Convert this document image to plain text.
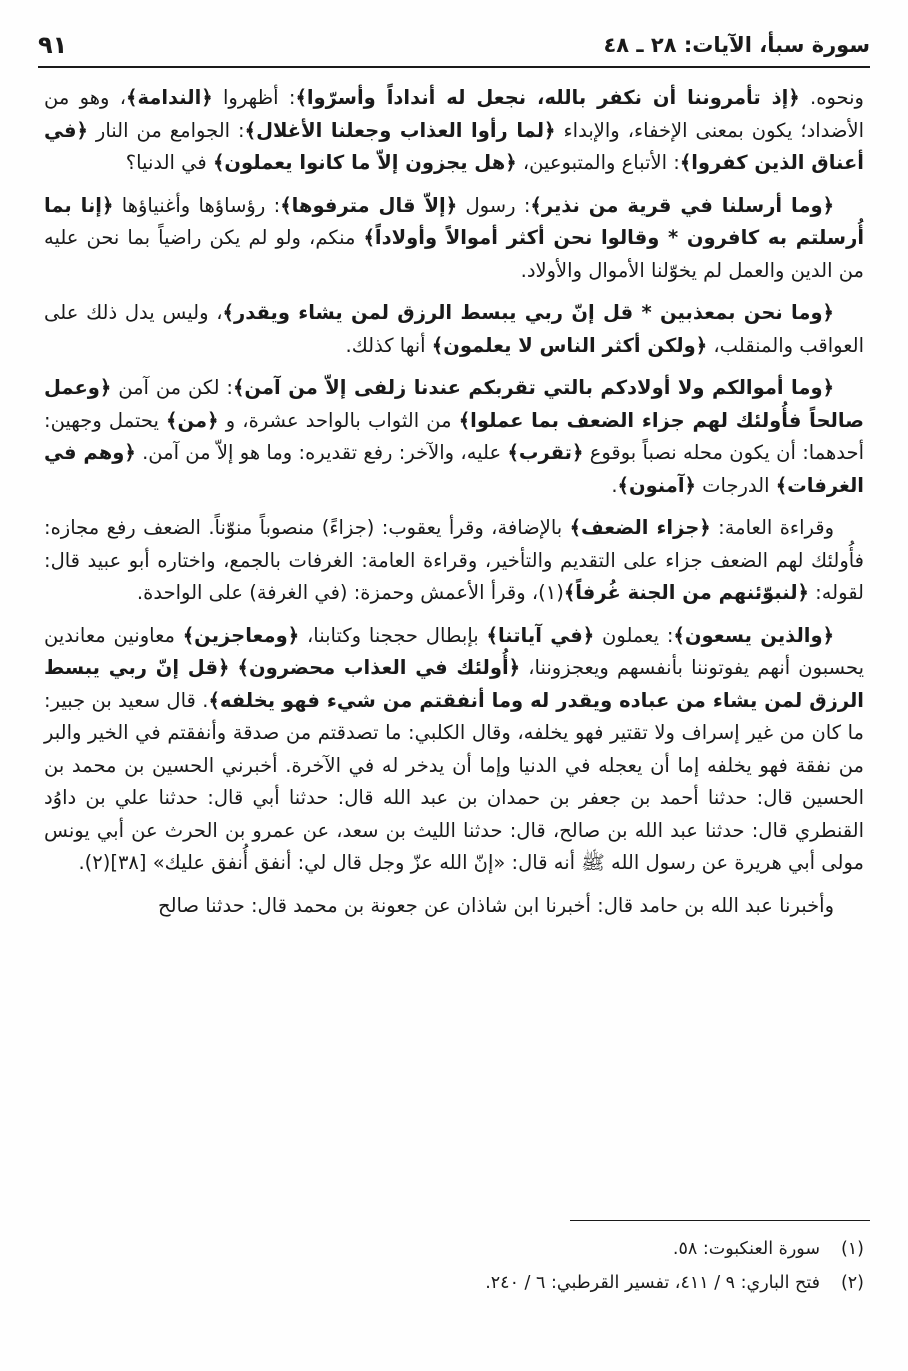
سورة سبأ، الآيات: ٢٨ ـ ٤٨
٩١

ونحوه. ﴿إذ تأمروننا أن نكفر بالله، نجعل له أنداداً وأسرّوا﴾: أظهروا ﴿الندامة﴾، وهو من الأضداد؛ يكون بمعنى الإخفاء، والإبداء ﴿لما رأوا العذاب وجعلنا الأغلال﴾: الجوامع من النار ﴿في أعناق الذين كفروا﴾: الأتباع والمتبوعين، ﴿هل يجزون إلاّ ما كانوا يعملون﴾ في الدنيا؟

﴿وما أرسلنا في قرية من نذير﴾: رسول ﴿إلاّ قال مترفوها﴾: رؤساؤها وأغنياؤها ﴿إنا بما أُرسلتم به كافرون * وقالوا نحن أكثر أموالاً وأولاداً﴾ منكم، ولو لم يكن راضياً بما نحن عليه من الدين والعمل لم يخوّلنا الأموال والأولاد.

﴿وما نحن بمعذبين * قل إنّ ربي يبسط الرزق لمن يشاء ويقدر﴾، وليس يدل ذلك على العواقب والمنقلب، ﴿ولكن أكثر الناس لا يعلمون﴾ أنها كذلك.

﴿وما أموالكم ولا أولادكم بالتي تقربكم عندنا زلفى إلاّ من آمن﴾: لكن من آمن ﴿وعمل صالحاً فأُولئك لهم جزاء الضعف بما عملوا﴾ من الثواب بالواحد عشرة، و ﴿من﴾ يحتمل وجهين: أحدهما: أن يكون محله نصباً بوقوع ﴿تقرب﴾ عليه، والآخر: رفع تقديره: وما هو إلاّ من آمن. ﴿وهم في الغرفات﴾ الدرجات ﴿آمنون﴾.

وقراءة العامة: ﴿جزاء الضعف﴾ بالإضافة، وقرأ يعقوب: (جزاءً) منصوباً منوّناً. الضعف رفع مجازه: فأُولئك لهم الضعف جزاء على التقديم والتأخير، وقراءة العامة: الغرفات بالجمع، واختاره أبو عبيد قال: لقوله: ﴿لنبوّئنهم من الجنة غُرفاً﴾(١)، وقرأ الأعمش وحمزة: (في الغرفة) على الواحدة.

﴿والذين يسعون﴾: يعملون ﴿في آياتنا﴾ بإبطال حججنا وكتابنا، ﴿ومعاجزين﴾ معاونين معاندين يحسبون أنهم يفوتوننا بأنفسهم ويعجزوننا، ﴿أُولئك في العذاب محضرون﴾ ﴿قل إنّ ربي يبسط الرزق لمن يشاء من عباده ويقدر له وما أنفقتم من شيء فهو يخلفه﴾. قال سعيد بن جبير: ما كان من غير إسراف ولا تقتير فهو يخلفه، وقال الكلبي: ما تصدقتم من صدقة وأنفقتم في الخير والبر من نفقة فهو يخلفه إما أن يعجله في الدنيا وإما أن يدخر له في الآخرة. أخبرني الحسين بن محمد بن الحسين قال: حدثنا أحمد بن جعفر بن حمدان بن عبد الله قال: حدثنا أبي قال: حدثنا علي بن داوُد القنطري قال: حدثنا عبد الله بن صالح، قال: حدثنا الليث بن سعد، عن عمرو بن الحرث عن أبي يونس مولى أبي هريرة عن رسول الله ﷺ أنه قال: «إنّ الله عزّ وجل قال لي: أنفق أُنفق عليك» [٣٨](٢).

وأخبرنا عبد الله بن حامد قال: أخبرنا ابن شاذان عن جعونة بن محمد قال: حدثنا صالح

(١)
سورة العنكبوت: ٥٨.
(٢)
فتح الباري: ٩ / ٤١١، تفسير القرطبي: ٦ / ٢٤٠.
